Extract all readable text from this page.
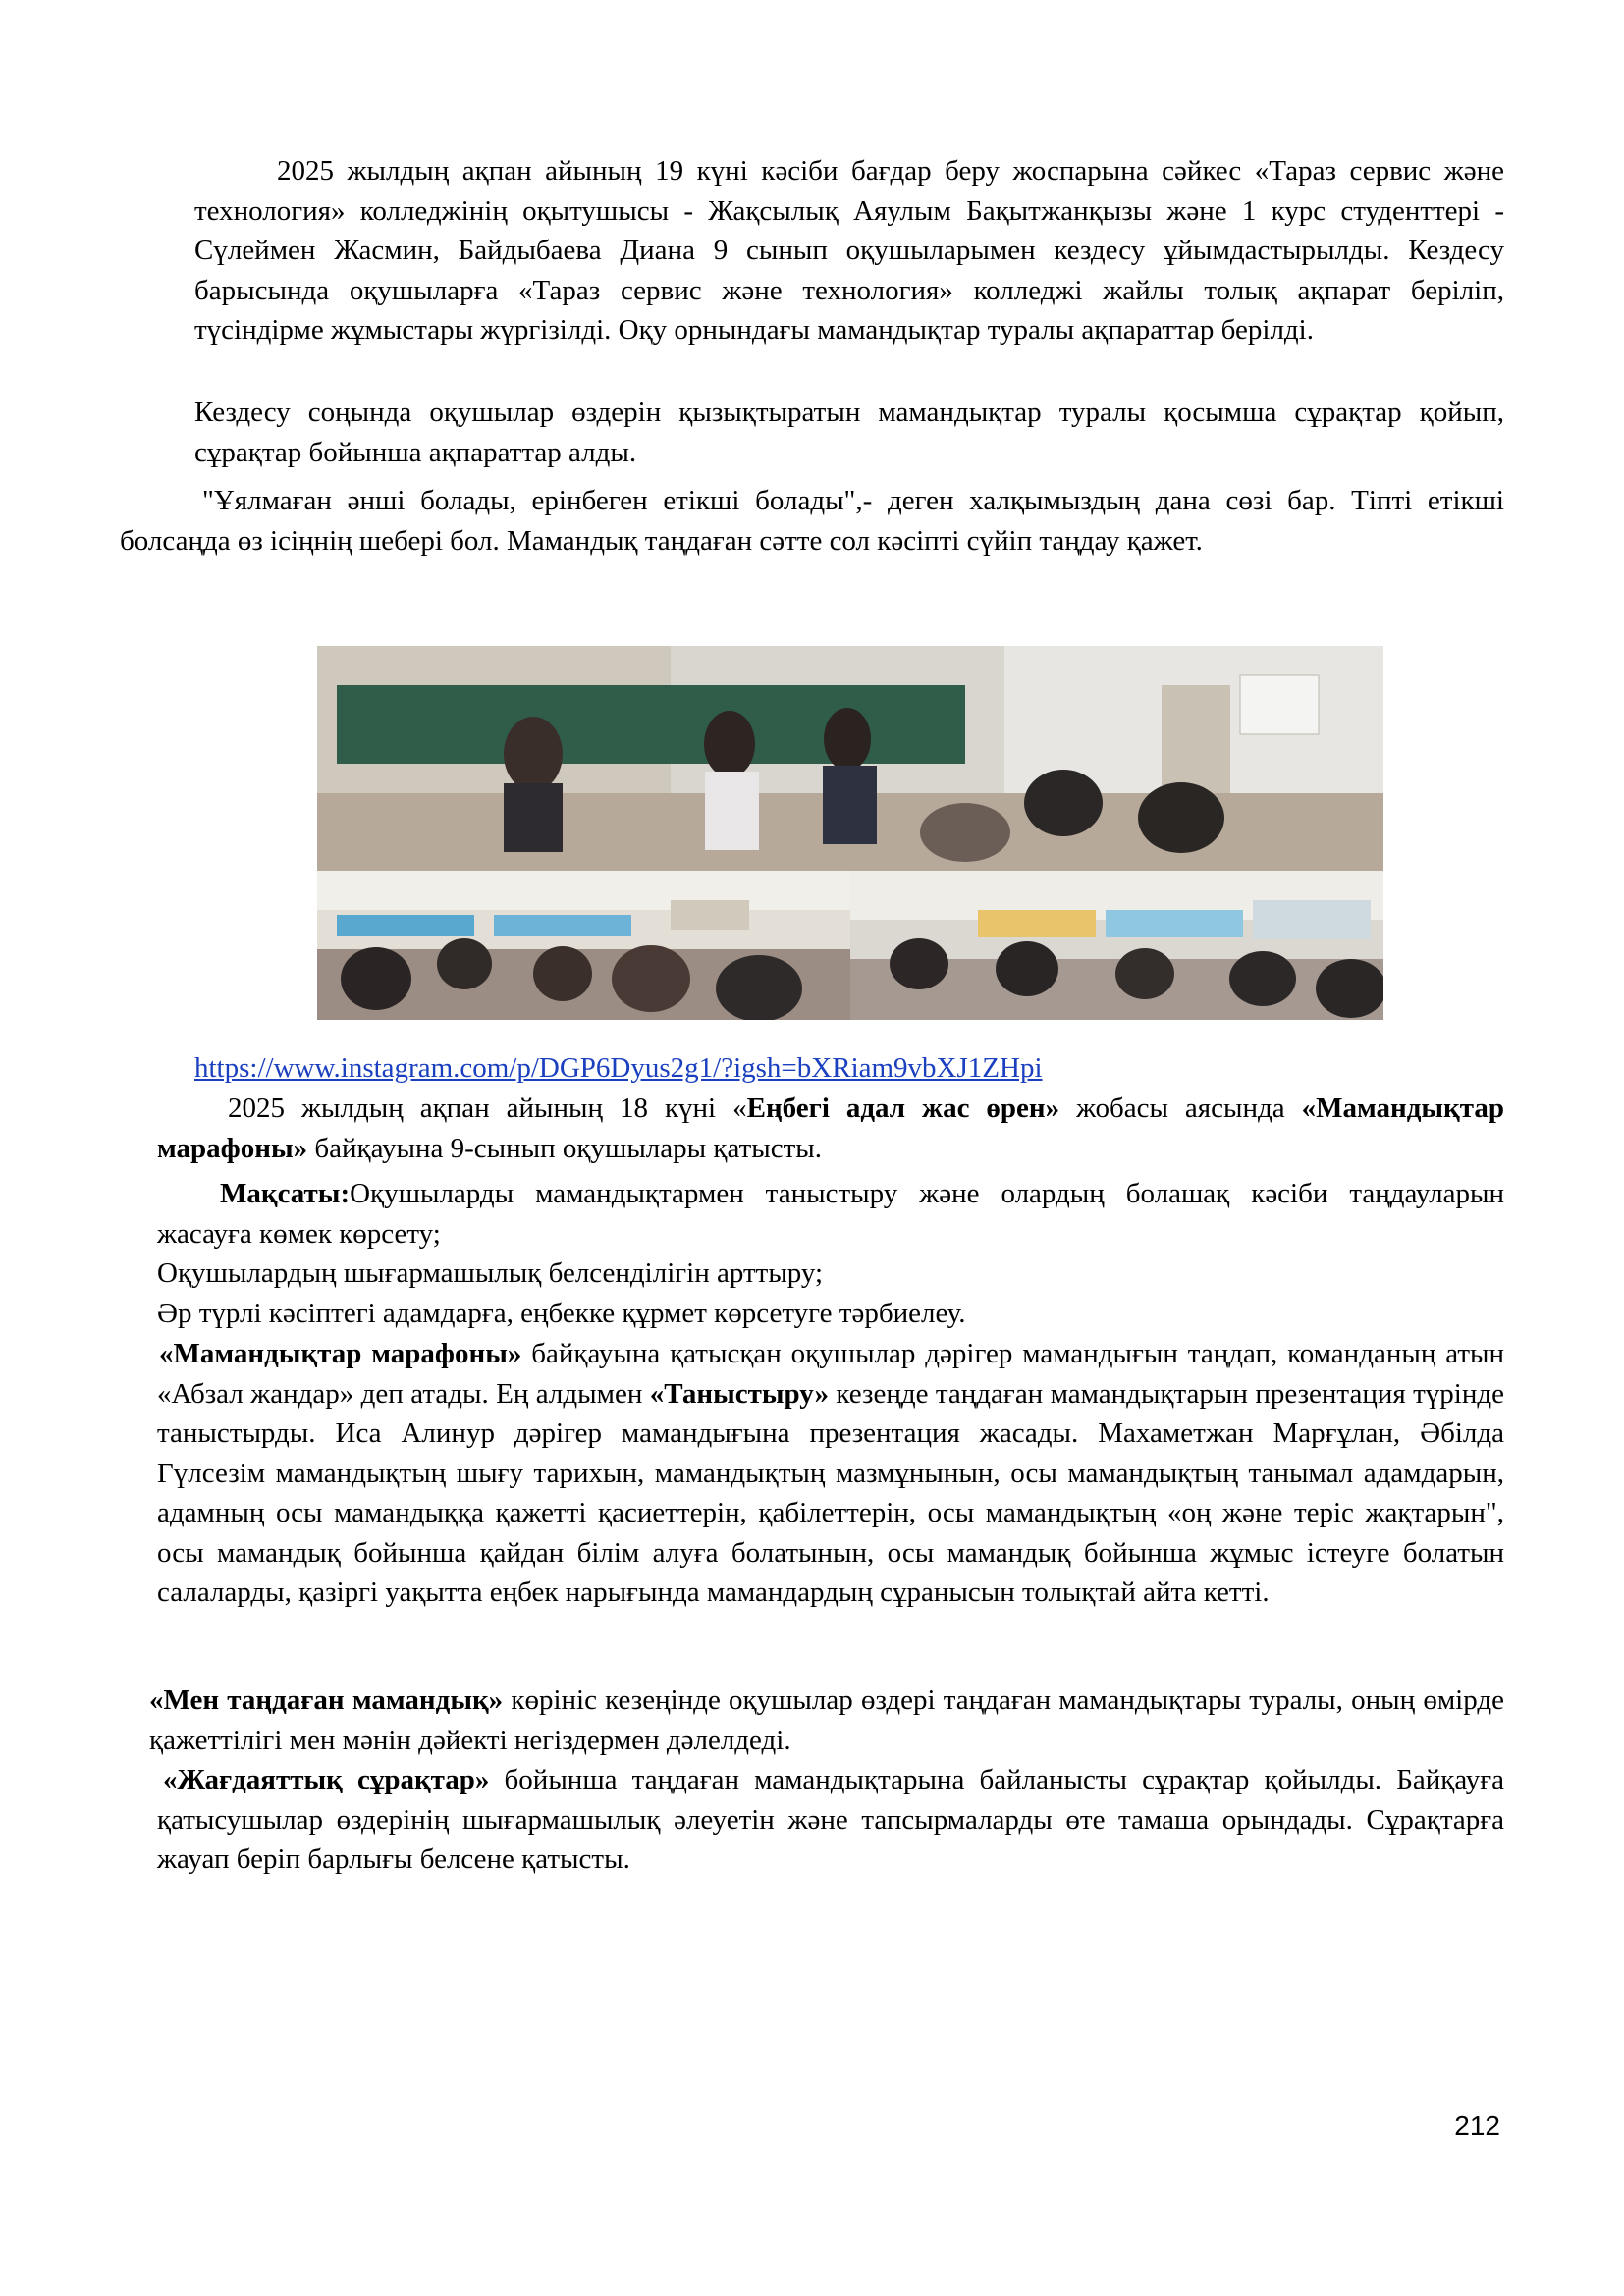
2025 жылдың ақпан айының 19 күні кәсіби бағдар беру жоспарына сәйкес «Тараз сервис және технология» колледжінің оқытушысы - Жақсылық Аяулым Бақытжанқызы және 1 курс студенттері - Сүлеймен Жасмин, Байдыбаева Диана 9 сынып оқушыларымен кездесу ұйымдастырылды. Кездесу барысында оқушыларға «Тараз сервис және технология» колледжі жайлы толық ақпарат беріліп, түсіндірме жұмыстары жүргізілді. Оқу орнындағы мамандықтар туралы ақпараттар берілді.

Кездесу соңында оқушылар өздерін қызықтыратын мамандықтар туралы қосымша сұрақтар қойып, сұрақтар бойынша ақпараттар алды.

"Ұялмаған әнші болады, ерінбеген етікші болады",- деген халқымыздың дана сөзі бар. Тіпті етікші болсаңда өз ісіңнің шебері бол. Мамандық таңдаған сәтте сол кәсіпті сүйіп таңдау қажет.

https://www.instagram.com/p/DGP6Dyus2g1/?igsh=bXRiam9vbXJ1ZHpi

2025 жылдың ақпан айының 18 күні «Еңбегі адал жас өрен» жобасы аясында «Мамандықтар марафоны» байқауына 9-сынып оқушылары қатысты.

Мақсаты:Оқушыларды мамандықтармен таныстыру және олардың болашақ кәсіби таңдауларын жасауға көмек көрсету;

Оқушылардың шығармашылық белсенділігін арттыру;

Әр түрлі кәсіптегі адамдарға, еңбекке құрмет көрсетуге тәрбиелеу.

«Мамандықтар марафоны» байқауына қатысқан оқушылар дәрігер мамандығын таңдап, команданың атын «Абзал жандар» деп атады. Ең алдымен «Таныстыру» кезеңде таңдаған мамандықтарын презентация түрінде таныстырды. Иса Алинур дәрігер мамандығына презентация жасады. Махаметжан Марғұлан, Әбілда Гүлсезім мамандықтың шығу тарихын, мамандықтың мазмұнынын, осы мамандықтың танымал адамдарын, адамның осы мамандыққа қажетті қасиеттерін, қабілеттерін, осы мамандықтың «оң және теріс жақтарын", осы мамандық бойынша қайдан білім алуға болатынын, осы мамандық бойынша жұмыс істеуге болатын салаларды, қазіргі уақытта еңбек нарығында мамандардың сұранысын толықтай айта кетті.

«Мен таңдаған мамандық» көрініс кезеңінде оқушылар өздері таңдаған мамандықтары туралы, оның өмірде қажеттілігі мен мәнін дәйекті негіздермен дәлелдеді.

«Жағдаяттық сұрақтар» бойынша таңдаған мамандықтарына байланысты сұрақтар қойылды. Байқауға қатысушылар өздерінің шығармашылық әлеуетін және тапсырмаларды өте тамаша орындады. Сұрақтарға жауап беріп барлығы белсене қатысты.

212
